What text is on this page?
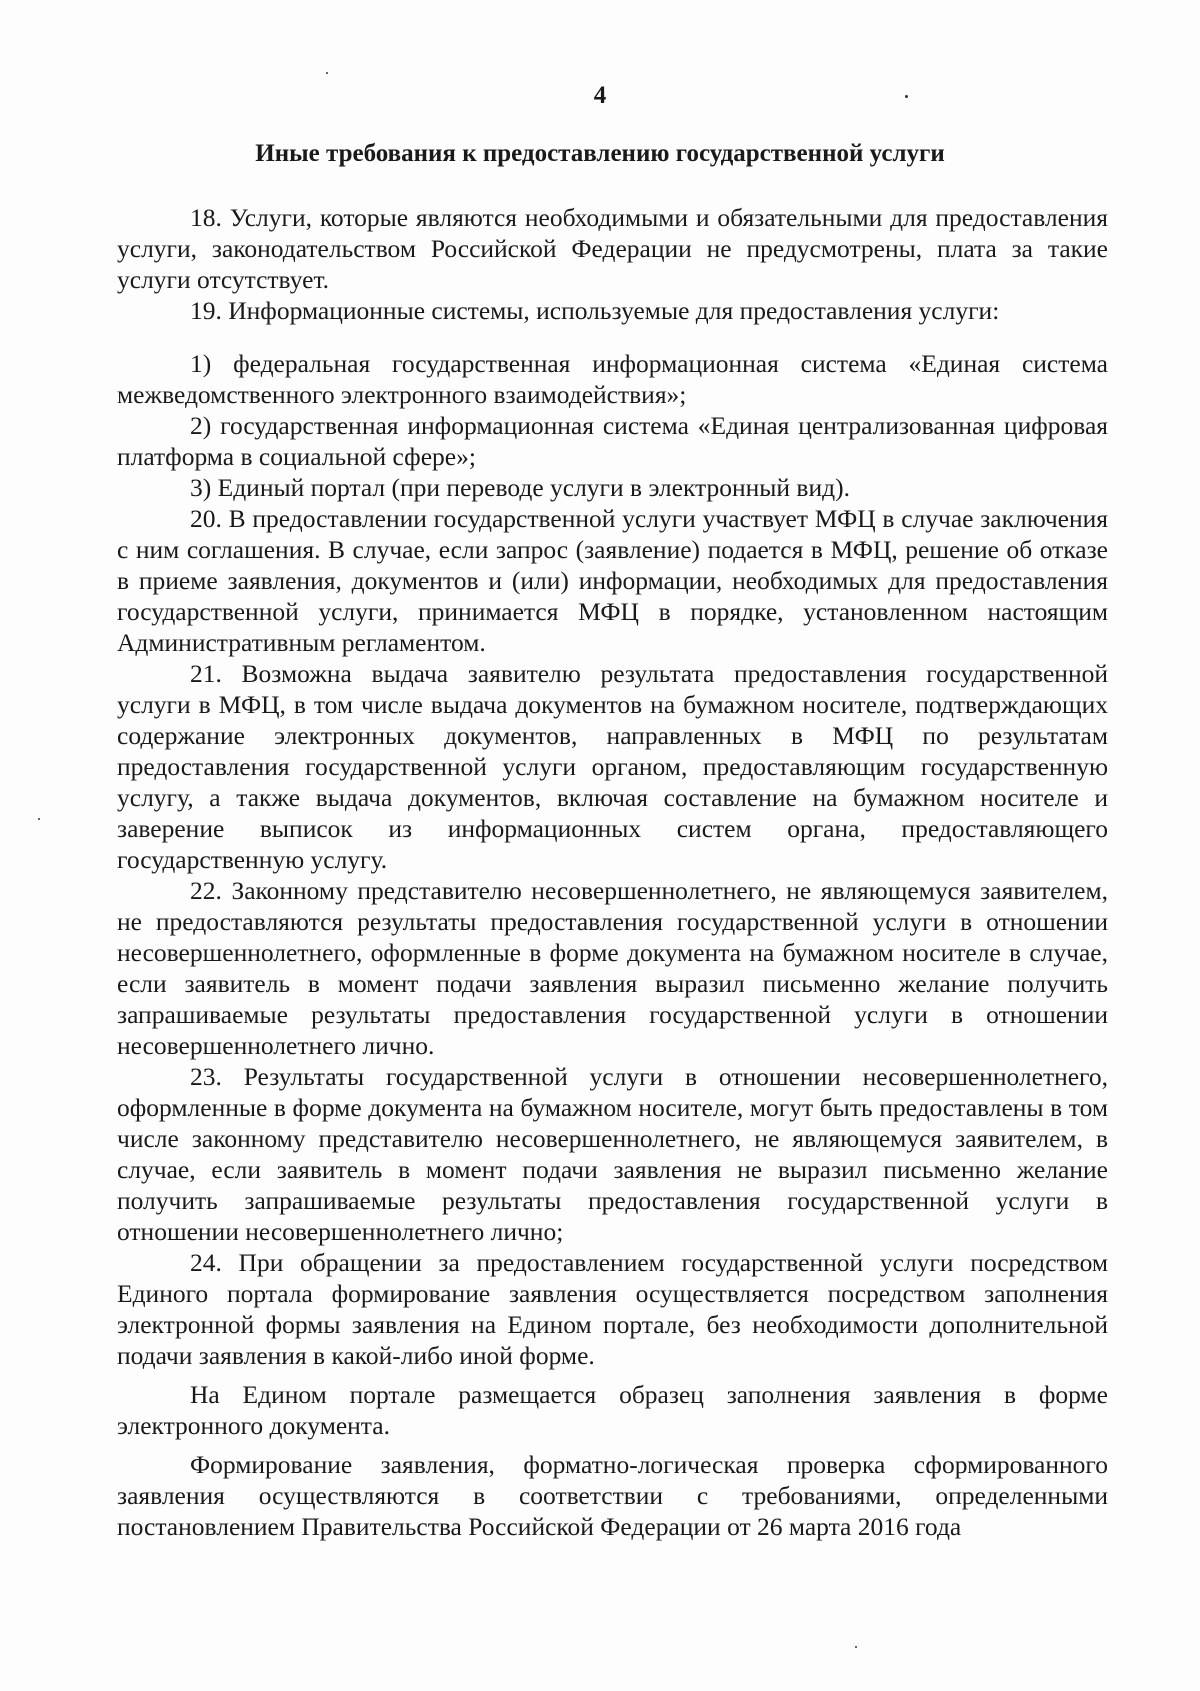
4
Иные требования к предоставлению государственной услуги

18. Услуги, которые являются необходимыми и обязательными для предоставления услуги, законодательством Российской Федерации не предусмотрены, плата за такие услуги отсутствует.

19. Информационные системы, используемые для предоставления услуги:

1) федеральная государственная информационная система «Единая система межведомственного электронного взаимодействия»;

2) государственная информационная система «Единая централизованная цифровая платформа в социальной сфере»;

3) Единый портал (при переводе услуги в электронный вид).

20. В предоставлении государственной услуги участвует МФЦ в случае заключения с ним соглашения. В случае, если запрос (заявление) подается в МФЦ, решение об отказе в приеме заявления, документов и (или) информации, необходимых для предоставления государственной услуги, принимается МФЦ в порядке, установленном настоящим Административным регламентом.

21. Возможна выдача заявителю результата предоставления государственной услуги в МФЦ, в том числе выдача документов на бумажном носителе, подтверждающих содержание электронных документов, направленных в МФЦ по результатам предоставления государственной услуги органом, предоставляющим государственную услугу, а также выдача документов, включая составление на бумажном носителе и заверение выписок из информационных систем органа, предоставляющего государственную услугу.

22. Законному представителю несовершеннолетнего, не являющемуся заявителем, не предоставляются результаты предоставления государственной услуги в отношении несовершеннолетнего, оформленные в форме документа на бумажном носителе в случае, если заявитель в момент подачи заявления выразил письменно желание получить запрашиваемые результаты предоставления государственной услуги в отношении несовершеннолетнего лично.

23. Результаты государственной услуги в отношении несовершеннолетнего, оформленные в форме документа на бумажном носителе, могут быть предоставлены в том числе законному представителю несовершеннолетнего, не являющемуся заявителем, в случае, если заявитель в момент подачи заявления не выразил письменно желание получить запрашиваемые результаты предоставления государственной услуги в отношении несовершеннолетнего лично;

24. При обращении за предоставлением государственной услуги посредством Единого портала формирование заявления осуществляется посредством заполнения электронной формы заявления на Едином портале, без необходимости дополнительной подачи заявления в какой-либо иной форме.

На Едином портале размещается образец заполнения заявления в форме электронного документа.

Формирование заявления, форматно-логическая проверка сформированного заявления осуществляются в соответствии с требованиями, определенными постановлением Правительства Российской Федерации от 26 марта 2016 года
